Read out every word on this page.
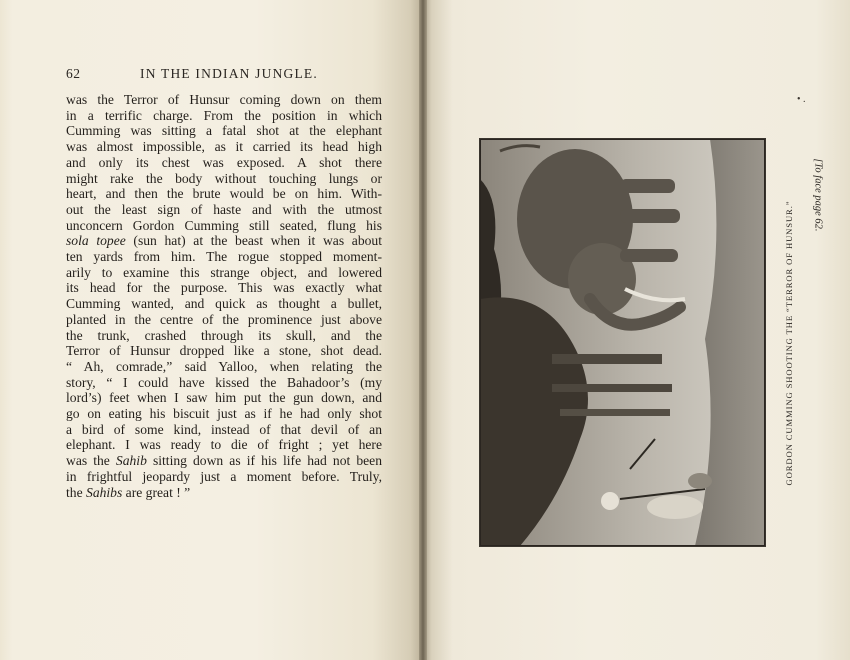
62	IN THE INDIAN JUNGLE.
was the Terror of Hunsur coming down on them
in a terrific charge. From the position in which
Cumming was sitting a fatal shot at the elephant
was almost impossible, as it carried its head high
and only its chest was exposed. A shot there
might rake the body without touching lungs or
heart, and then the brute would be on him. With-
out the least sign of haste and with the utmost
unconcern Gordon Cumming still seated, flung his
sola topee (sun hat) at the beast when it was about
ten yards from him. The rogue stopped moment-
arily to examine this strange object, and lowered
its head for the purpose. This was exactly what
Cumming wanted, and quick as thought a bullet,
planted in the centre of the prominence just above
the trunk, crashed through its skull, and the
Terror of Hunsur dropped like a stone, shot dead.
“ Ah, comrade,” said Yalloo, when relating the
story, “ I could have kissed the Bahadoor’s (my
lord’s) feet when I saw him put the gun down, and
go on eating his biscuit just as if he had only shot
a bird of some kind, instead of that devil of an
elephant. I was ready to die of fright ; yet here
was the Sahib sitting down as if his life had not been
in frightful jeopardy just a moment before. Truly,
the Sahibs are great ! ”
• .
GORDON CUMMING SHOOTING THE “TERROR OF HUNSUR.”
[To face page 62.
